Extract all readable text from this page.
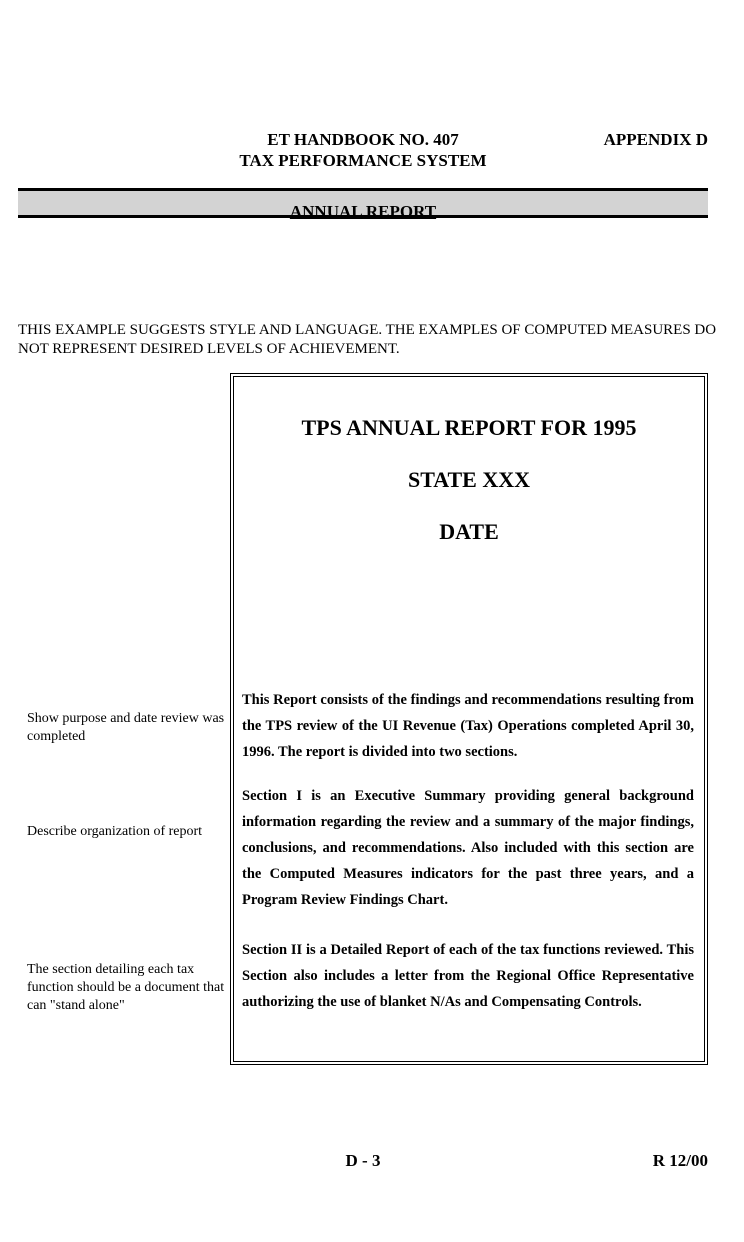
ET HANDBOOK NO. 407
TAX PERFORMANCE SYSTEM
APPENDIX D
ANNUAL REPORT
THIS EXAMPLE SUGGESTS STYLE AND LANGUAGE. THE EXAMPLES OF COMPUTED MEASURES DO NOT REPRESENT DESIRED LEVELS OF ACHIEVEMENT.
TPS ANNUAL REPORT FOR 1995
STATE XXX
DATE

This Report consists of the findings and recommendations resulting from the TPS review of the UI Revenue (Tax) Operations completed April 30, 1996. The report is divided into two sections.

Section I is an Executive Summary providing general background information regarding the review and a summary of the major findings, conclusions, and recommendations. Also included with this section are the Computed Measures indicators for the past three years, and a Program Review Findings Chart.

Section II is a Detailed Report of each of the tax functions reviewed. This Section also includes a letter from the Regional Office Representative authorizing the use of blanket N/As and Compensating Controls.

Show purpose and date review was completed
Describe organization of report
The section detailing each tax function should be a document that can "stand alone"
D - 3	R 12/00
